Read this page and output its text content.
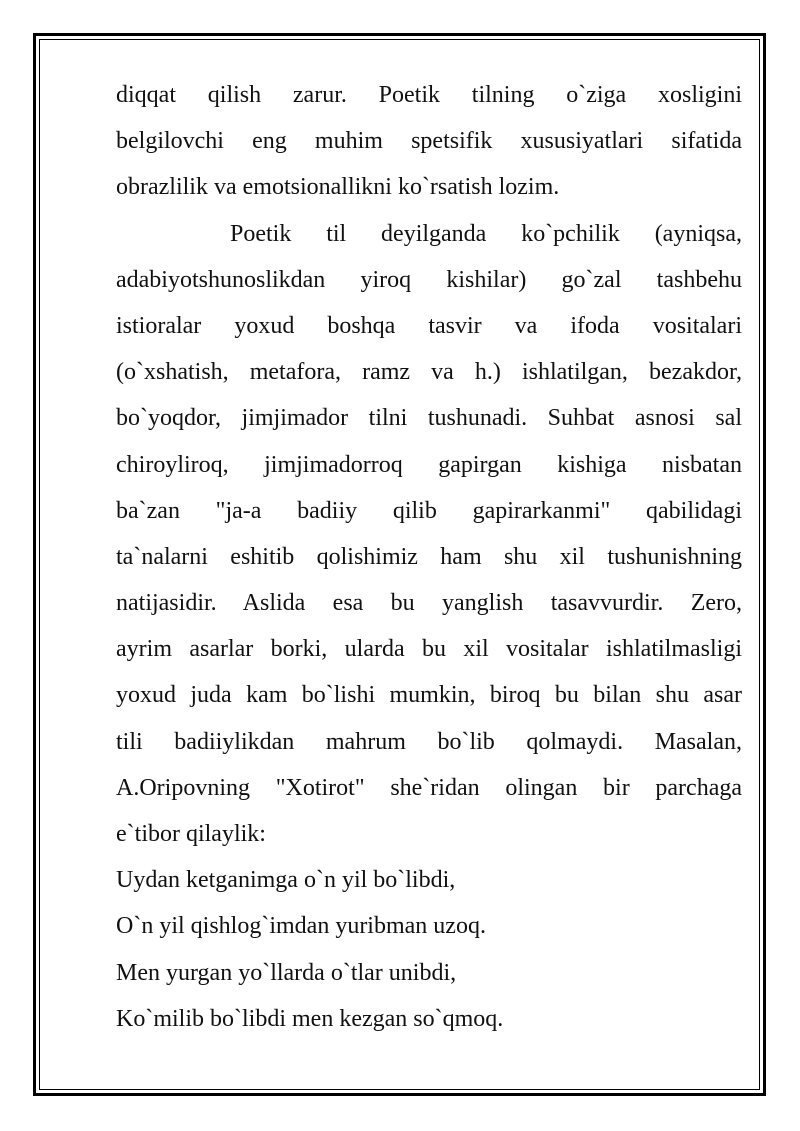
diqqat qilish zarur. Poetik tilning o`ziga xosligini
belgilovchi eng muhim spetsifik xususiyatlari sifatida
obrazlilik va emotsionallikni ko`rsatish lozim.
Poetik til deyilganda ko`pchilik (ayniqsa,
adabiyotshunoslikdan yiroq kishilar) go`zal tashbehu
istioralar yoxud boshqa tasvir va ifoda vositalari
(o`xshatish, metafora, ramz va h.) ishlatilgan, bezakdor,
bo`yoqdor, jimjimador tilni tushunadi. Suhbat asnosi sal
chiroyliroq, jimjimadorroq gapirgan kishiga nisbatan
ba`zan "ja-a badiiy qilib gapirarkanmi" qabilidagi
ta`nalarni eshitib qolishimiz ham shu xil tushunishning
natijasidir. Aslida esa bu yanglish tasavvurdir. Zero,
ayrim asarlar borki, ularda bu xil vositalar ishlatilmasligi
yoxud juda kam bo`lishi mumkin, biroq bu bilan shu asar
tili badiiylikdan mahrum bo`lib qolmaydi. Masalan,
A.Oripovning "Xotirot" she`ridan olingan bir parchaga
e`tibor qilaylik:
Uydan ketganimga o`n yil bo`libdi,
O`n yil qishlog`imdan yuribman uzoq.
Men yurgan yo`llarda o`tlar unibdi,
Ko`milib bo`libdi men kezgan so`qmoq.
